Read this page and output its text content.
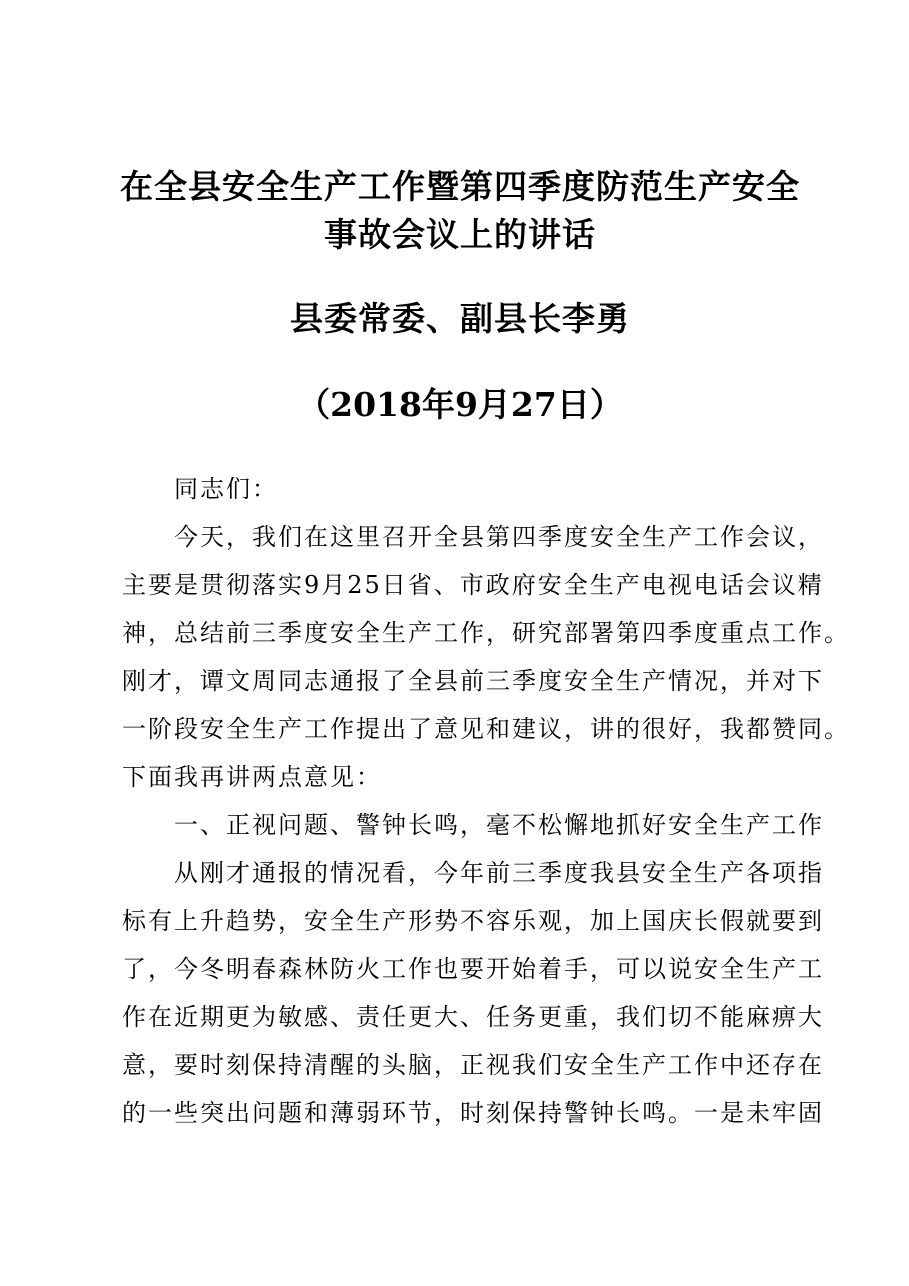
在全县安全生产工作暨第四季度防范生产安全
事故会议上的讲话
县委常委、副县长李勇
（2018年9月27日）
同志们：
今天，我们在这里召开全县第四季度安全生产工作会议，
主要是贯彻落实9月25日省、市政府安全生产电视电话会议精
神，总结前三季度安全生产工作，研究部署第四季度重点工作。
刚才，谭文周同志通报了全县前三季度安全生产情况，并对下
一阶段安全生产工作提出了意见和建议，讲的很好，我都赞同。
下面我再讲两点意见：
一、正视问题、警钟长鸣，毫不松懈地抓好安全生产工作
从刚才通报的情况看，今年前三季度我县安全生产各项指
标有上升趋势，安全生产形势不容乐观，加上国庆长假就要到
了，今冬明春森林防火工作也要开始着手，可以说安全生产工
作在近期更为敏感、责任更大、任务更重，我们切不能麻痹大
意，要时刻保持清醒的头脑，正视我们安全生产工作中还存在
的一些突出问题和薄弱环节，时刻保持警钟长鸣。一是未牢固
